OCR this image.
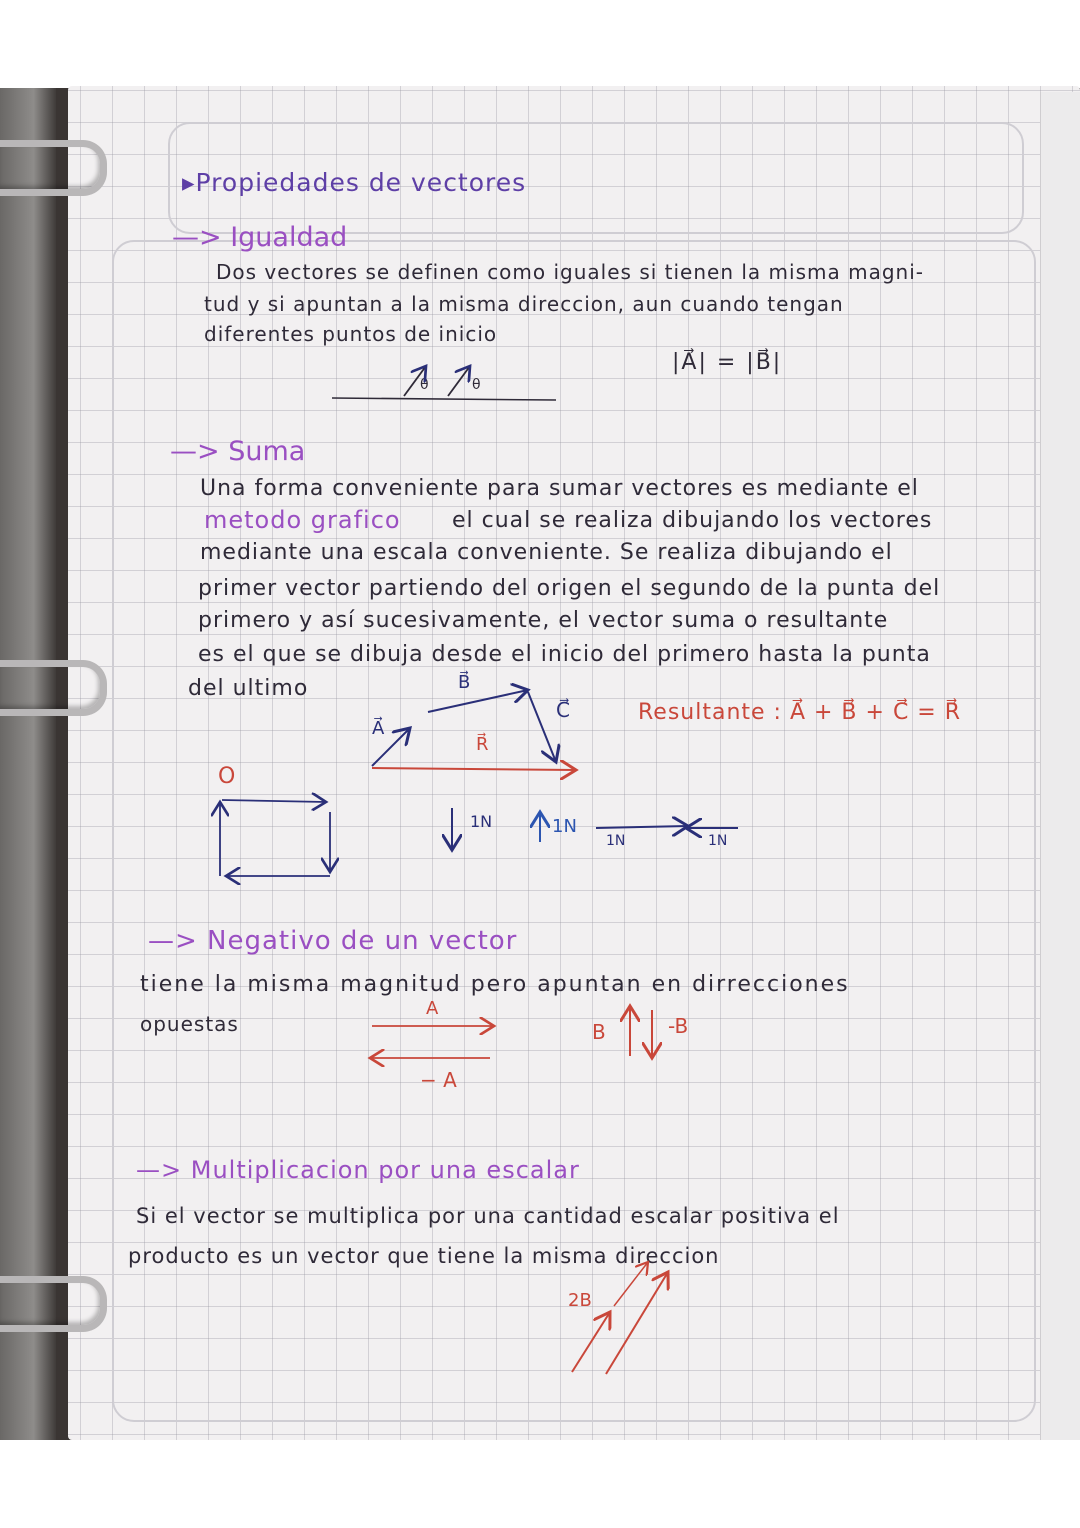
▸Propiedades de vectores
—> Igualdad
Dos vectores se definen como iguales si tienen la misma magni-
tud y si apuntan a la misma direccion, aun cuando tengan
diferentes puntos de inicio
|A⃗| = |B⃗|
θ	θ
—> Suma
Una forma conveniente para sumar vectores es mediante el
metodo grafico el cual se realiza dibujando los vectores
mediante una escala conveniente. Se realiza dibujando el
primer vector partiendo del origen el segundo de la punta del
primero y así sucesivamente, el vector suma o resultante
es el que se dibuja desde el inicio del primero hasta la punta
del ultimo
Resultante : A⃗ + B⃗ + C⃗ = R⃗
A⃗
B⃗
C⃗
R⃗
O
1N	1N
1N	1N
—> Negativo de un vector
tiene la misma magnitud pero apuntan en dirrecciones
opuestas
A
− A
B	-B
—> Multiplicacion por una escalar
Si el vector se multiplica por una cantidad escalar positiva el
producto es un vector que tiene la misma direccion
2B
